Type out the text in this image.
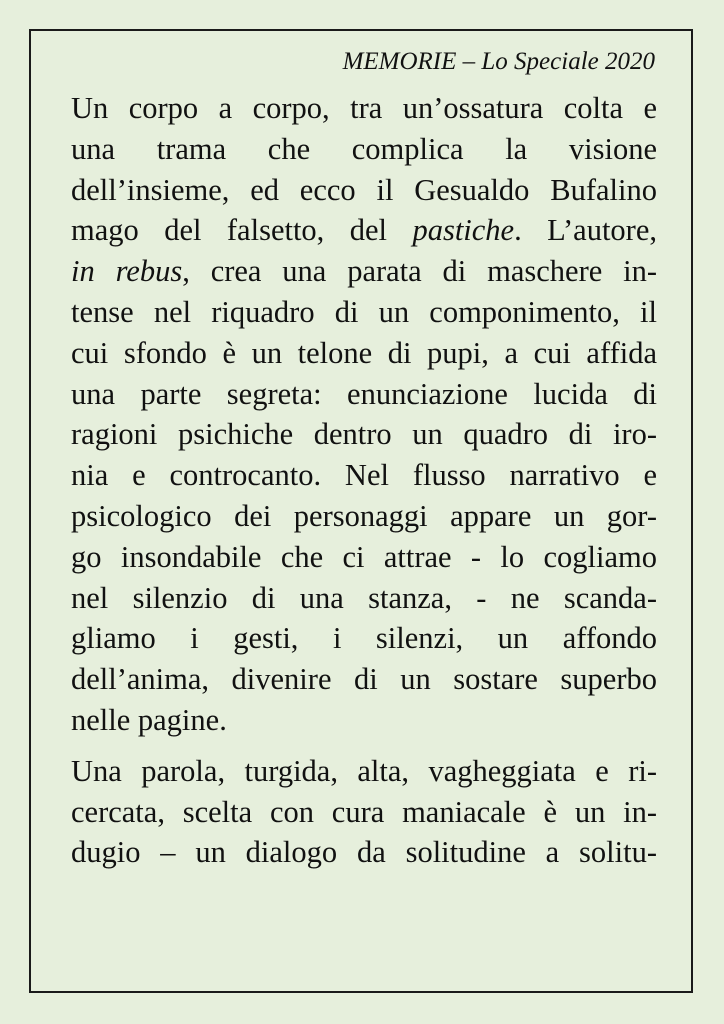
MEMORIE – Lo Speciale 2020
Un corpo a corpo, tra un’ossatura colta e
una trama che complica la visione
dell’insieme, ed ecco il Gesualdo Bufalino
mago del falsetto, del pastiche. L’autore,
in rebus, crea una parata di maschere in-
tense nel riquadro di un componimento, il
cui sfondo è un telone di pupi, a cui affida
una parte segreta: enunciazione lucida di
ragioni psichiche dentro un quadro di iro-
nia e controcanto. Nel flusso narrativo e
psicologico dei personaggi appare un gor-
go insondabile che ci attrae - lo cogliamo
nel silenzio di una stanza, - ne scanda-
gliamo i gesti, i silenzi, un affondo
dell’anima, divenire di un sostare superbo
nelle pagine.
Una parola, turgida, alta, vagheggiata e ri-
cercata, scelta con cura maniacale è un in-
dugio – un dialogo da solitudine a solitu-
